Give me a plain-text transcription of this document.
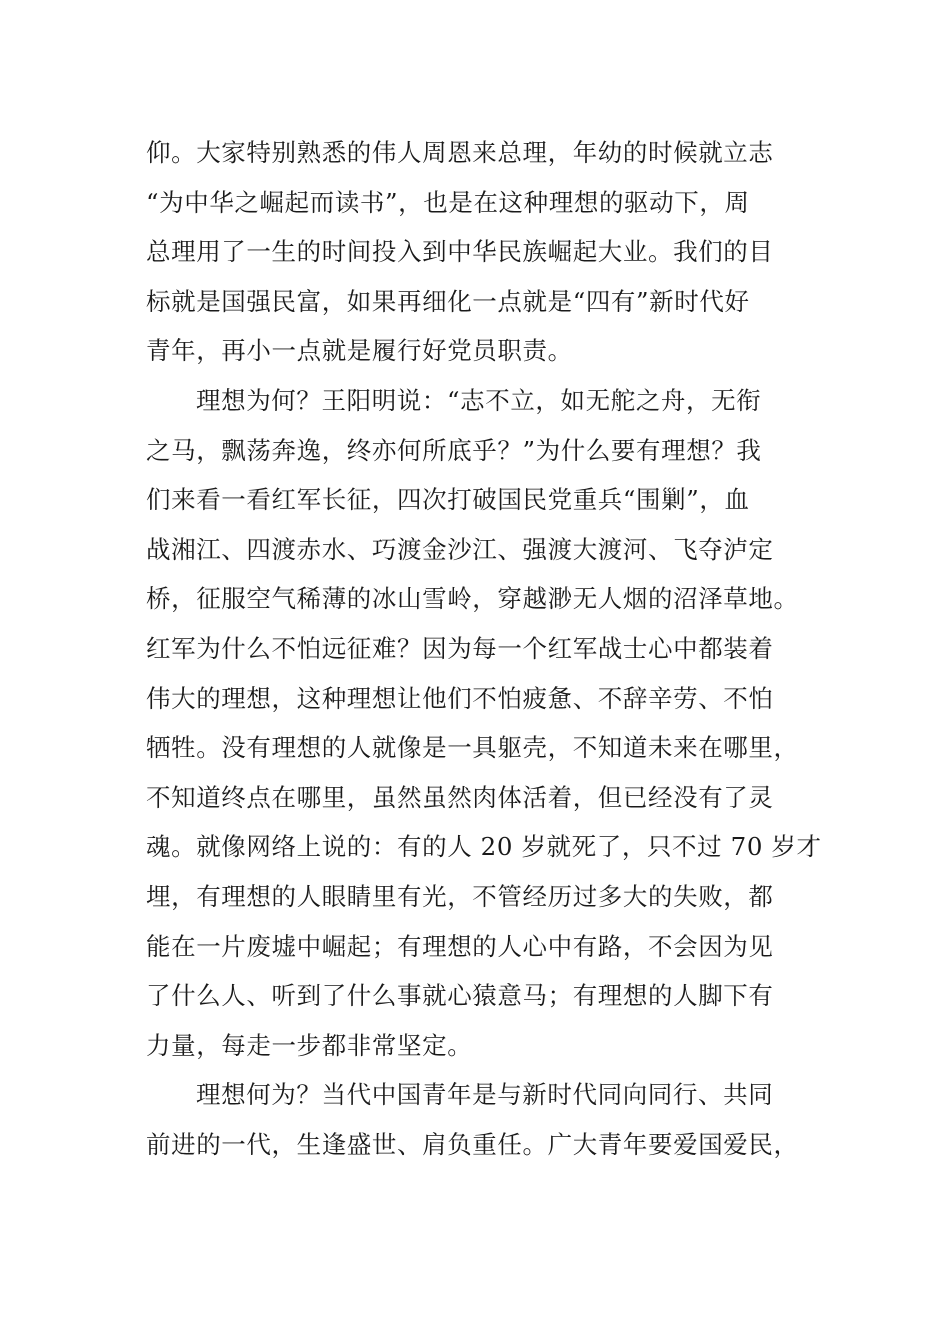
仰。大家特别熟悉的伟人周恩来总理，年幼的时候就立志
“为中华之崛起而读书”，也是在这种理想的驱动下，周
总理用了一生的时间投入到中华民族崛起大业。我们的目
标就是国强民富，如果再细化一点就是“四有”新时代好
青年，再小一点就是履行好党员职责。
理想为何？王阳明说：“志不立，如无舵之舟，无衔
之马，飘荡奔逸，终亦何所底乎？”为什么要有理想？我
们来看一看红军长征，四次打破国民党重兵“围剿”，血
战湘江、四渡赤水、巧渡金沙江、强渡大渡河、飞夺泸定
桥，征服空气稀薄的冰山雪岭，穿越渺无人烟的沼泽草地。
红军为什么不怕远征难？因为每一个红军战士心中都装着
伟大的理想，这种理想让他们不怕疲惫、不辞辛劳、不怕
牺牲。没有理想的人就像是一具躯壳，不知道未来在哪里，
不知道终点在哪里，虽然虽然肉体活着，但已经没有了灵
魂。就像网络上说的：有的人 20 岁就死了，只不过 70 岁才
埋，有理想的人眼睛里有光，不管经历过多大的失败，都
能在一片废墟中崛起；有理想的人心中有路，不会因为见
了什么人、听到了什么事就心猿意马；有理想的人脚下有
力量，每走一步都非常坚定。
理想何为？当代中国青年是与新时代同向同行、共同
前进的一代，生逢盛世、肩负重任。广大青年要爱国爱民，
